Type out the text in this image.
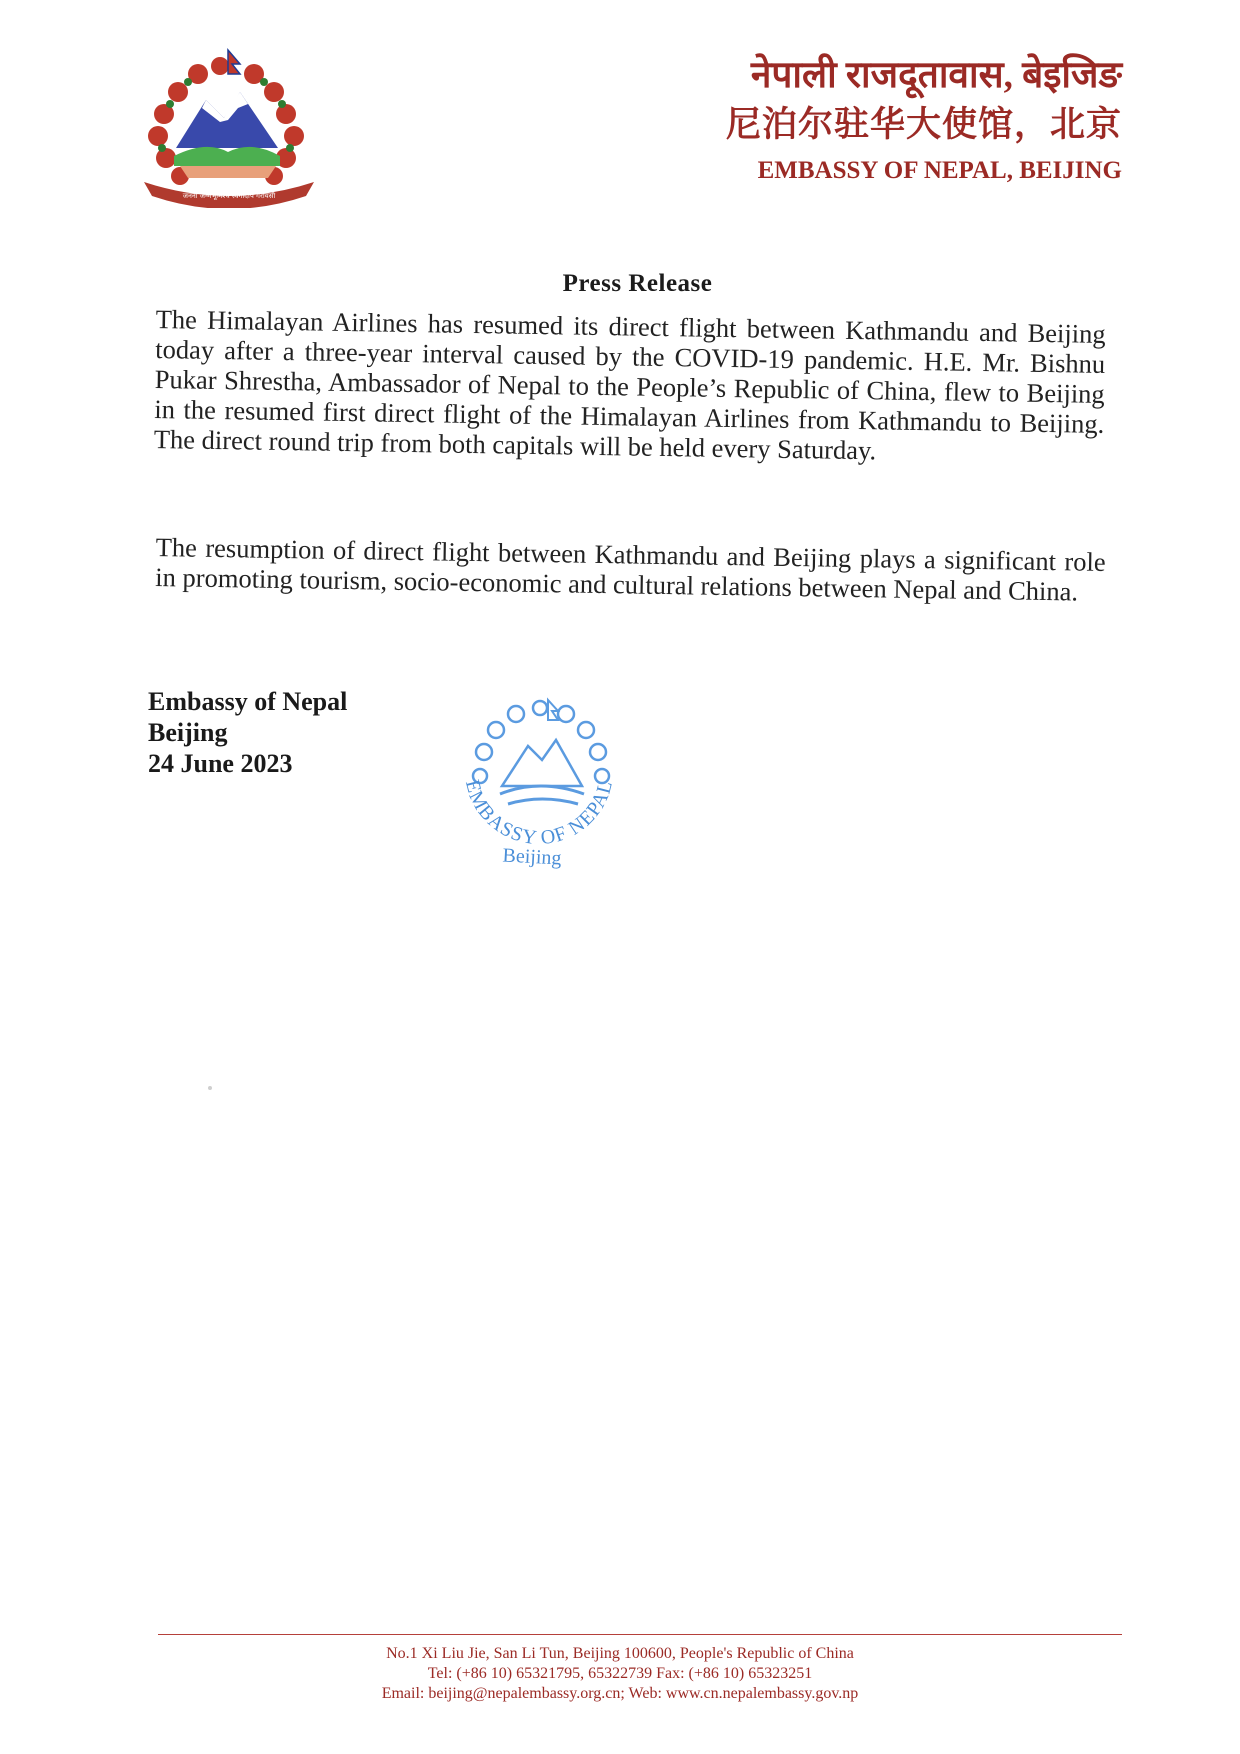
जननी जन्मभूमिश्च स्वर्गादपि गरीयसी
नेपाली राजदूतावास, बेइजिङ
尼泊尔驻华大使馆，北京
EMBASSY OF NEPAL, BEIJING
Press Release

The Himalayan Airlines has resumed its direct flight between Kathmandu and Beijing today after a three-year interval caused by the COVID-19 pandemic. H.E. Mr. Bishnu Pukar Shrestha, Ambassador of Nepal to the People’s Republic of China, flew to Beijing in the resumed first direct flight of the Himalayan Airlines from Kathmandu to Beijing. The direct round trip from both capitals will be held every Saturday.

The resumption of direct flight between Kathmandu and Beijing plays a significant role in promoting tourism, socio-economic and cultural relations between Nepal and China.

Embassy of Nepal
Beijing
24 June 2023
EMBASSY OF NEPAL
Beijing
No.1 Xi Liu Jie, San Li Tun, Beijing 100600, People's Republic of China
Tel: (+86 10) 65321795, 65322739 Fax: (+86 10) 65323251
Email: beijing@nepalembassy.org.cn; Web: www.cn.nepalembassy.gov.np
